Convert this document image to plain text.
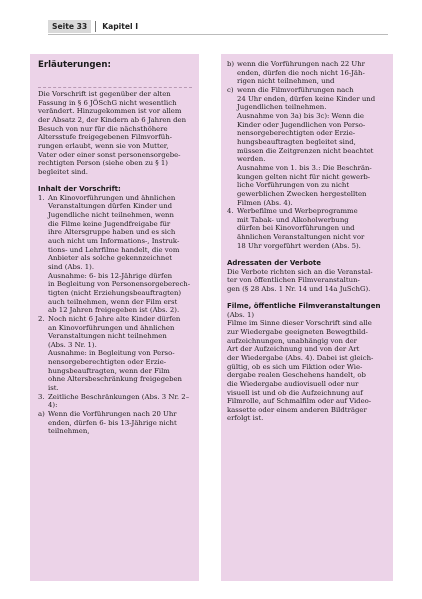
Seite 33	Kapitel I
Erläuterungen:
Die Vorschrift ist gegenüber der alten
Fassung in § 6 JÖSchG nicht wesentlich
verändert. Hinzugekommen ist vor allem
der Absatz 2, der Kindern ab 6 Jahren den
Besuch von nur für die nächsthöhere
Altersstufe freigegebenen Filmvorfüh-
rungen erlaubt, wenn sie von Mutter,
Vater oder einer sonst personensorgebe-
rechtigten Person (siehe oben zu § 1)
begleitet sind.
Inhalt der Vorschrift:
1. An Kinovorführungen und ähnlichen
Veranstaltungen dürfen Kinder und
Jugendliche nicht teilnehmen, wenn
die Filme keine Jugendfreigabe für
ihre Altersgruppe haben und es sich
auch nicht um Informations-, Instruk-
tions- und Lehrfilme handelt, die vom
Anbieter als solche gekennzeichnet
sind (Abs. 1).
Ausnahme: 6- bis 12-Jährige dürfen
in Begleitung von Personensorgeberech-
tigten (nicht Erziehungsbeauftragten)
auch teilnehmen, wenn der Film erst
ab 12 Jahren freigegeben ist (Abs. 2).
2. Noch nicht 6 Jahre alte Kinder dürfen
an Kinovorführungen und ähnlichen
Veranstaltungen nicht teilnehmen
(Abs. 3 Nr. 1).
Ausnahme: in Begleitung von Perso-
nensorgeberechtigten oder Erzie-
hungsbeauftragten, wenn der Film
ohne Altersbeschränkung freigegeben
ist.
3. Zeitliche Beschränkungen (Abs. 3 Nr. 2–4):
a) Wenn die Vorführungen nach 20 Uhr
enden, dürfen 6- bis 13-Jährige nicht
teilnehmen,
b) wenn die Vorführungen nach 22 Uhr
enden, dürfen die noch nicht 16-Jäh-
rigen nicht teilnehmen, und
c) wenn die Filmvorführungen nach
24 Uhr enden, dürfen keine Kinder und
Jugendlichen teilnehmen.
Ausnahme von 3a) bis 3c): Wenn die
Kinder oder Jugendlichen von Perso-
nensorgeberechtigten oder Erzie-
hungsbeauftragten begleitet sind,
müssen die Zeitgrenzen nicht beachtet
werden.
Ausnahme von 1. bis 3.: Die Beschrän-
kungen gelten nicht für nicht gewerb-
liche Vorführungen von zu nicht
gewerblichen Zwecken hergestellten
Filmen (Abs. 4).
4. Werbefilme und Werbeprogramme
mit Tabak- und Alkoholwerbung
dürfen bei Kinovorführungen und
ähnlichen Veranstaltungen nicht vor
18 Uhr vorgeführt werden (Abs. 5).
Adressaten der Verbote
Die Verbote richten sich an die Veranstal-
ter von öffentlichen Filmveranstaltun-
gen (§ 28 Abs. 1 Nr. 14 und 14a JuSchG).
Filme, öffentliche Filmveranstaltungen
(Abs. 1)
Filme im Sinne dieser Vorschrift sind alle
zur Wiedergabe geeigneten Bewegtbild-
aufzeichnungen, unabhängig von der
Art der Aufzeichnung und von der Art
der Wiedergabe (Abs. 4). Dabei ist gleich-
gültig, ob es sich um Fiktion oder Wie-
dergabe realen Geschehens handelt, ob
die Wiedergabe audiovisuell oder nur
visuell ist und ob die Aufzeichnung auf
Filmrolle, auf Schmalfilm oder auf Video-
kassette oder einem anderen Bildträger
erfolgt ist.
